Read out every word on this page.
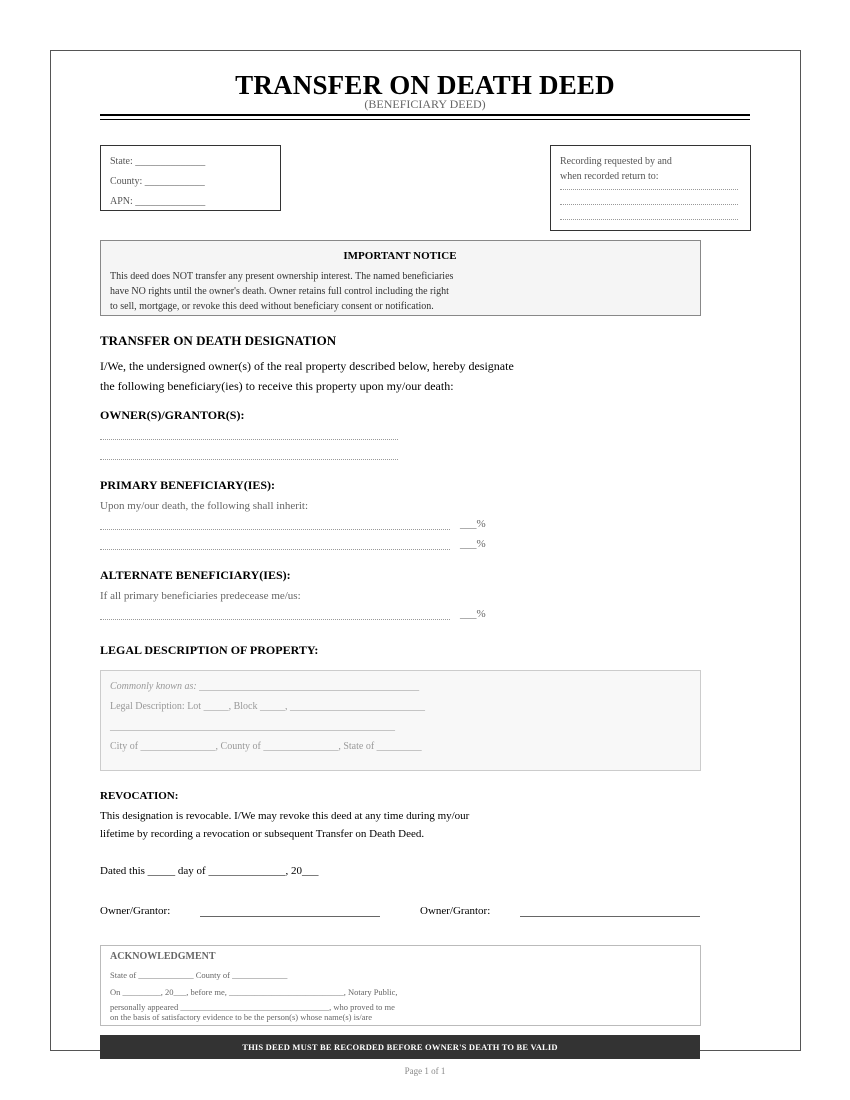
TRANSFER ON DEATH DEED
(BENEFICIARY DEED)
State: ______________
County: ____________
APN: ______________
Recording requested by and
when recorded return to:
IMPORTANT NOTICE
This deed does NOT transfer any present ownership interest. The named beneficiaries
have NO rights until the owner's death. Owner retains full control including the right
to sell, mortgage, or revoke this deed without beneficiary consent or notification.
TRANSFER ON DEATH DESIGNATION
I/We, the undersigned owner(s) of the real property described below, hereby designate
the following beneficiary(ies) to receive this property upon my/our death:
OWNER(S)/GRANTOR(S):
PRIMARY BENEFICIARY(IES):
Upon my/our death, the following shall inherit:
___%
___%
ALTERNATE BENEFICIARY(IES):
If all primary beneficiaries predecease me/us:
___%
LEGAL DESCRIPTION OF PROPERTY:
Commonly known as: ____________________________________________
Legal Description: Lot _____, Block _____, ___________________________
_________________________________________________________
City of _______________, County of _______________, State of _________
REVOCATION:
This designation is revocable. I/We may revoke this deed at any time during my/our
lifetime by recording a revocation or subsequent Transfer on Death Deed.
Dated this _____ day of ______________, 20___
Owner/Grantor:	Owner/Grantor:
ACKNOWLEDGMENT
State of _____________ County of _____________
On _________, 20___, before me, ___________________________, Notary Public,
personally appeared ___________________________________, who proved to me
on the basis of satisfactory evidence to be the person(s) whose name(s) is/are
THIS DEED MUST BE RECORDED BEFORE OWNER'S DEATH TO BE VALID
Page 1 of 1
